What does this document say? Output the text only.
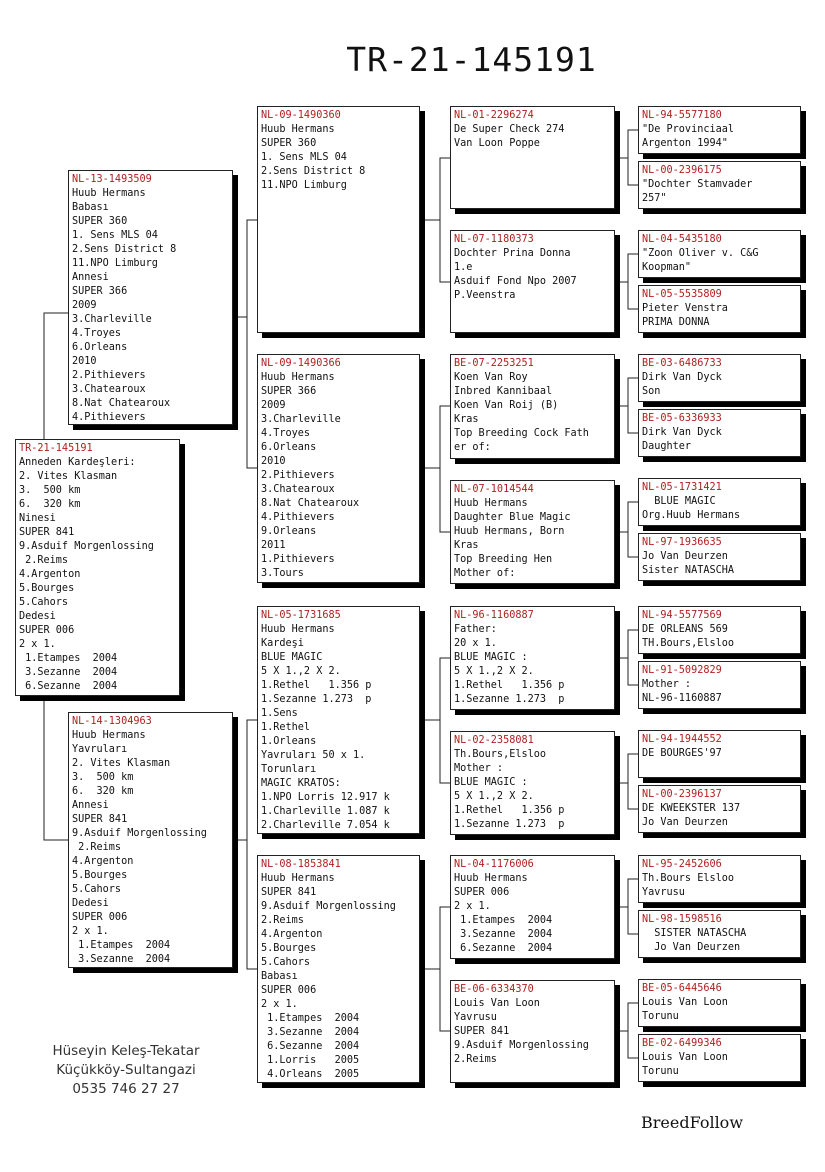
TR-21-145191
TR-21-145191
Anneden Kardeşleri:
2. Vites Klasman
3.  500 km
6.  320 km
Ninesi
SUPER 841
9.Asduif Morgenlossing
2.Reims
4.Argenton
5.Bourges
5.Cahors
Dedesi
SUPER 006
2 x 1.
1.Etampes  2004
3.Sezanne  2004
6.Sezanne  2004
NL-13-1493509
Huub Hermans
Babası
SUPER 360
1. Sens MLS 04
2.Sens District 8
11.NPO Limburg
Annesi
SUPER 366
2009
3.Charleville
4.Troyes
6.Orleans
2010
2.Pithievers
3.Chatearoux
8.Nat Chatearoux
4.Pithievers
NL-14-1304963
Huub Hermans
Yavruları
2. Vites Klasman
3.  500 km
6.  320 km
Annesi
SUPER 841
9.Asduif Morgenlossing
2.Reims
4.Argenton
5.Bourges
5.Cahors
Dedesi
SUPER 006
2 x 1.
1.Etampes  2004
3.Sezanne  2004
NL-09-1490360
Huub Hermans
SUPER 360
1. Sens MLS 04
2.Sens District 8
11.NPO Limburg
NL-09-1490366
Huub Hermans
SUPER 366
2009
3.Charleville
4.Troyes
6.Orleans
2010
2.Pithievers
3.Chatearoux
8.Nat Chatearoux
4.Pithievers
9.Orleans
2011
1.Pithievers
3.Tours
NL-05-1731685
Huub Hermans
Kardeşi
BLUE MAGIC
5 X 1.,2 X 2.
1.Rethel   1.356 p
1.Sezanne 1.273  p
1.Sens
1.Rethel
1.Orleans
Yavruları 50 x 1.
Torunları
MAGIC KRATOS:
1.NPO Lorris 12.917 k
1.Charleville 1.087 k
2.Charleville 7.054 k
NL-08-1853841
Huub Hermans
SUPER 841
9.Asduif Morgenlossing
2.Reims
4.Argenton
5.Bourges
5.Cahors
Babası
SUPER 006
2 x 1.
1.Etampes  2004
3.Sezanne  2004
6.Sezanne  2004
1.Lorris   2005
4.Orleans  2005
NL-01-2296274
De Super Check 274
Van Loon Poppe
NL-07-1180373
Dochter Prina Donna
1.e
Asduif Fond Npo 2007
P.Veenstra
BE-07-2253251
Koen Van Roy
Inbred Kannibaal
Koen Van Roij (B)
Kras
Top Breeding Cock Fath
er of:
NL-07-1014544
Huub Hermans
Daughter Blue Magic
Huub Hermans, Born
Kras
Top Breeding Hen
Mother of:
NL-96-1160887
Father:
20 x 1.
BLUE MAGIC :
5 X 1.,2 X 2.
1.Rethel   1.356 p
1.Sezanne 1.273  p
NL-02-2358081
Th.Bours,Elsloo
Mother :
BLUE MAGIC :
5 X 1.,2 X 2.
1.Rethel   1.356 p
1.Sezanne 1.273  p
NL-04-1176006
Huub Hermans
SUPER 006
2 x 1.
1.Etampes  2004
3.Sezanne  2004
6.Sezanne  2004
BE-06-6334370
Louis Van Loon
Yavrusu
SUPER 841
9.Asduif Morgenlossing
2.Reims
NL-94-5577180
"De Provinciaal
Argenton 1994"
NL-00-2396175
"Dochter Stamvader
257"
NL-04-5435180
"Zoon Oliver v. C&G
Koopman"
NL-05-5535809
Pieter Venstra
PRIMA DONNA
BE-03-6486733
Dirk Van Dyck
Son
BE-05-6336933
Dirk Van Dyck
Daughter
NL-05-1731421
BLUE MAGIC
Org.Huub Hermans
NL-97-1936635
Jo Van Deurzen
Sister NATASCHA
NL-94-5577569
DE ORLEANS 569
TH.Bours,Elsloo
NL-91-5092829
Mother :
NL-96-1160887
NL-94-1944552
DE BOURGES'97
NL-00-2396137
DE KWEEKSTER 137
Jo Van Deurzen
NL-95-2452606
Th.Bours Elsloo
Yavrusu
NL-98-1598516
SISTER NATASCHA
Jo Van Deurzen
BE-05-6445646
Louis Van Loon
Torunu
BE-02-6499346
Louis Van Loon
Torunu
Hüseyin Keleş-Tekatar
Küçükköy-Sultangazi
0535 746 27 27
BreedFollow
